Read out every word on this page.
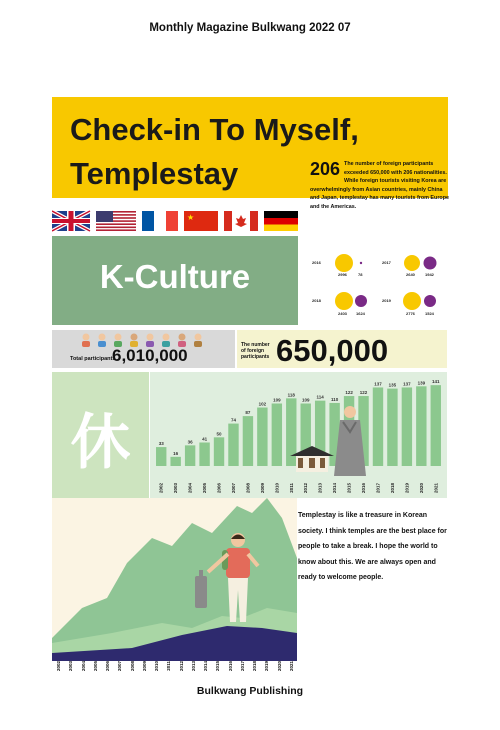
Monthly Magazine Bulkwang 2022 07
Check-in To Myself,
Templestay
★
K-Culture
206 The number of foreign participants exceeded 650,000 with 206 nationalities. While foreign tourists visiting Korea are overwhelmingly from Asian countries, mainly China and Japan, templestay has many tourists from Europe and the Americas.
2016
2996	78
2017
2640	1942
2018
2403 1624
2019
2776	1524
Total participants
6,010,000
The number of foreign participants 650,000
休	33
2002
16
2003
36
2004
41
2005
50
2006
74
2007
87
2008
102
2009
109
2010
118
2011
109
2012
114
2013
110
2014
122
2015
122
2016
137
2017
135
2018
137
2019
139
2020
141
2021
2002 2003 2004 2005 2006 2007 2008 2009 2010 2011 2012 2013 2014 2015 2016 2017 2018 2019 2020 2021
Templestay is like a treasure in Korean society. I think temples are the best place for people to take a break. I hope the world to know about this. We are always open and ready to welcome people.
Bulkwang Publishing
